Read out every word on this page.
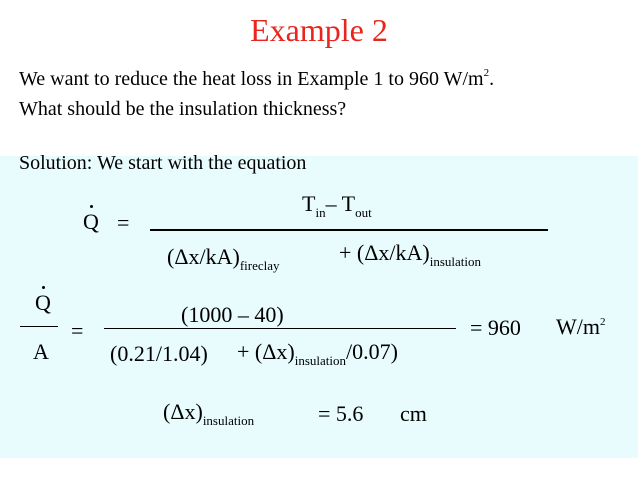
Example 2
We want to reduce the heat loss in Example 1 to 960 $W/m^2$.
What should be the insulation thickness?
Solution: We start with the equation
Q =
$T_{in}-$ $T_{out}$
$(\Delta x/kA)_{fireclay}$
+ $(\Delta x/kA)_{insulation}$
Q
A
=
(1000 – 40)
$(0.21/1.04) + (\Delta x)_{insulation}/0.07$)
= 960 $W/m^2$
$(\Delta x)_{insulation}$	= 5.6 cm
